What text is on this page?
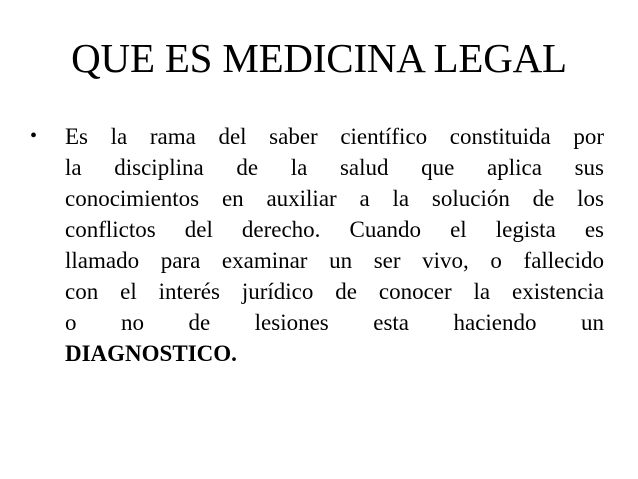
QUE ES MEDICINA LEGAL
• Es la rama del saber científico constituida por
la disciplina de la salud que aplica sus
conocimientos en auxiliar a la solución de los
conflictos del derecho. Cuando el legista es
llamado para examinar un ser vivo, o fallecido
con el interés jurídico de conocer la existencia
o no de lesiones esta haciendo un
DIAGNOSTICO.
